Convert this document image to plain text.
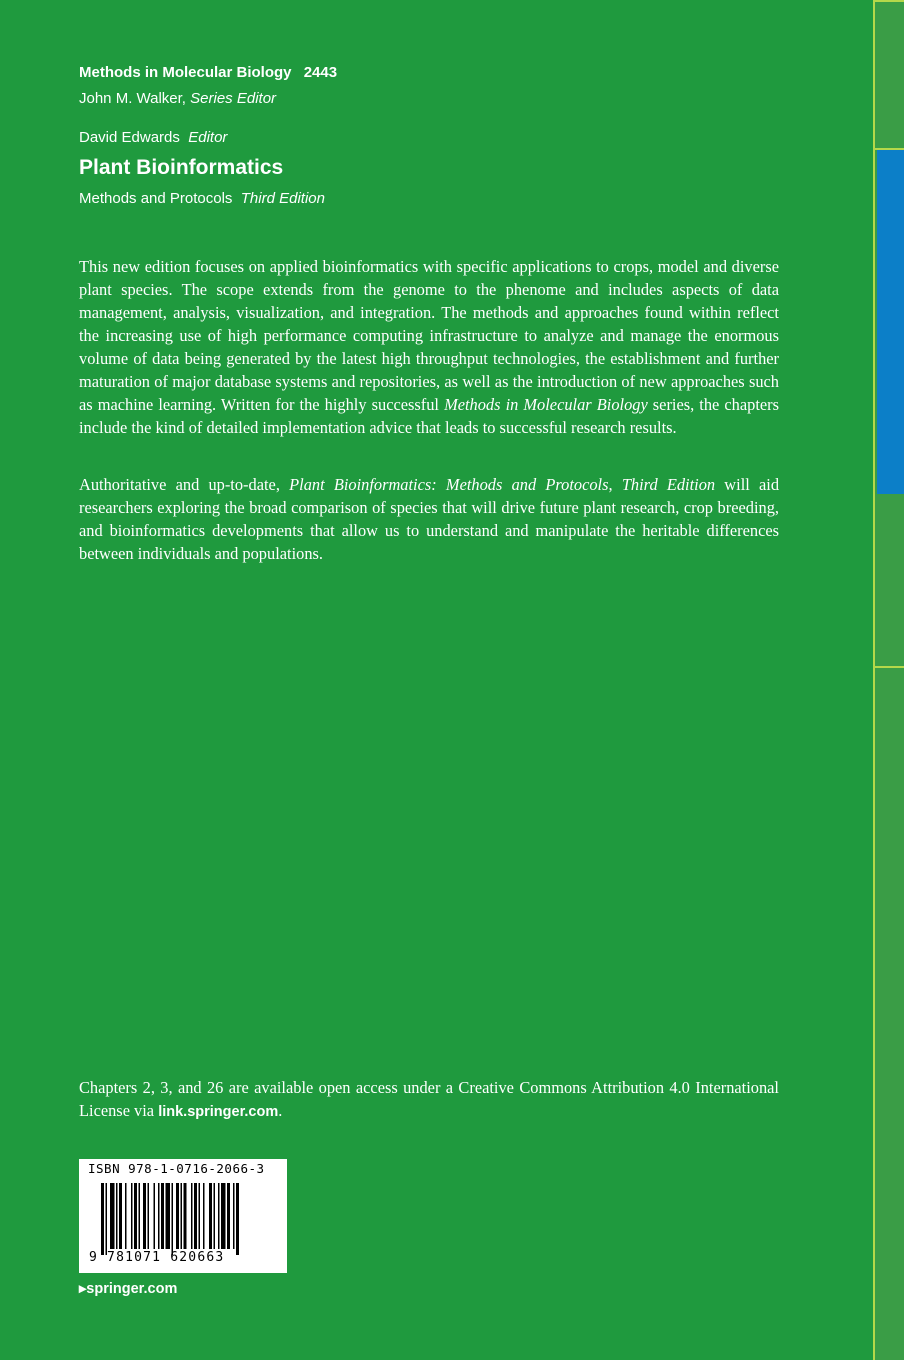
Methods in Molecular Biology 2443
John M. Walker, Series Editor
David Edwards Editor
Plant Bioinformatics
Methods and Protocols Third Edition
This new edition focuses on applied bioinformatics with specific applications to crops, model and diverse plant species. The scope extends from the genome to the phenome and includes aspects of data management, analysis, visualization, and integration. The methods and approaches found within reflect the increasing use of high performance computing infrastructure to analyze and manage the enormous volume of data being generated by the latest high throughput technologies, the establishment and further maturation of major database systems and repositories, as well as the introduction of new approaches such as machine learning. Written for the highly successful Methods in Molecular Biology series, the chapters include the kind of detailed implementation advice that leads to successful research results.
Authoritative and up-to-date, Plant Bioinformatics: Methods and Protocols, Third Edition will aid researchers exploring the broad comparison of species that will drive future plant research, crop breeding, and bioinformatics developments that allow us to understand and manipulate the heritable differences between individuals and populations.
Chapters 2, 3, and 26 are available open access under a Creative Commons Attribution 4.0 International License via link.springer.com.
ISBN 978-1-0716-2066-3
9 781071 620663
▸springer.com
